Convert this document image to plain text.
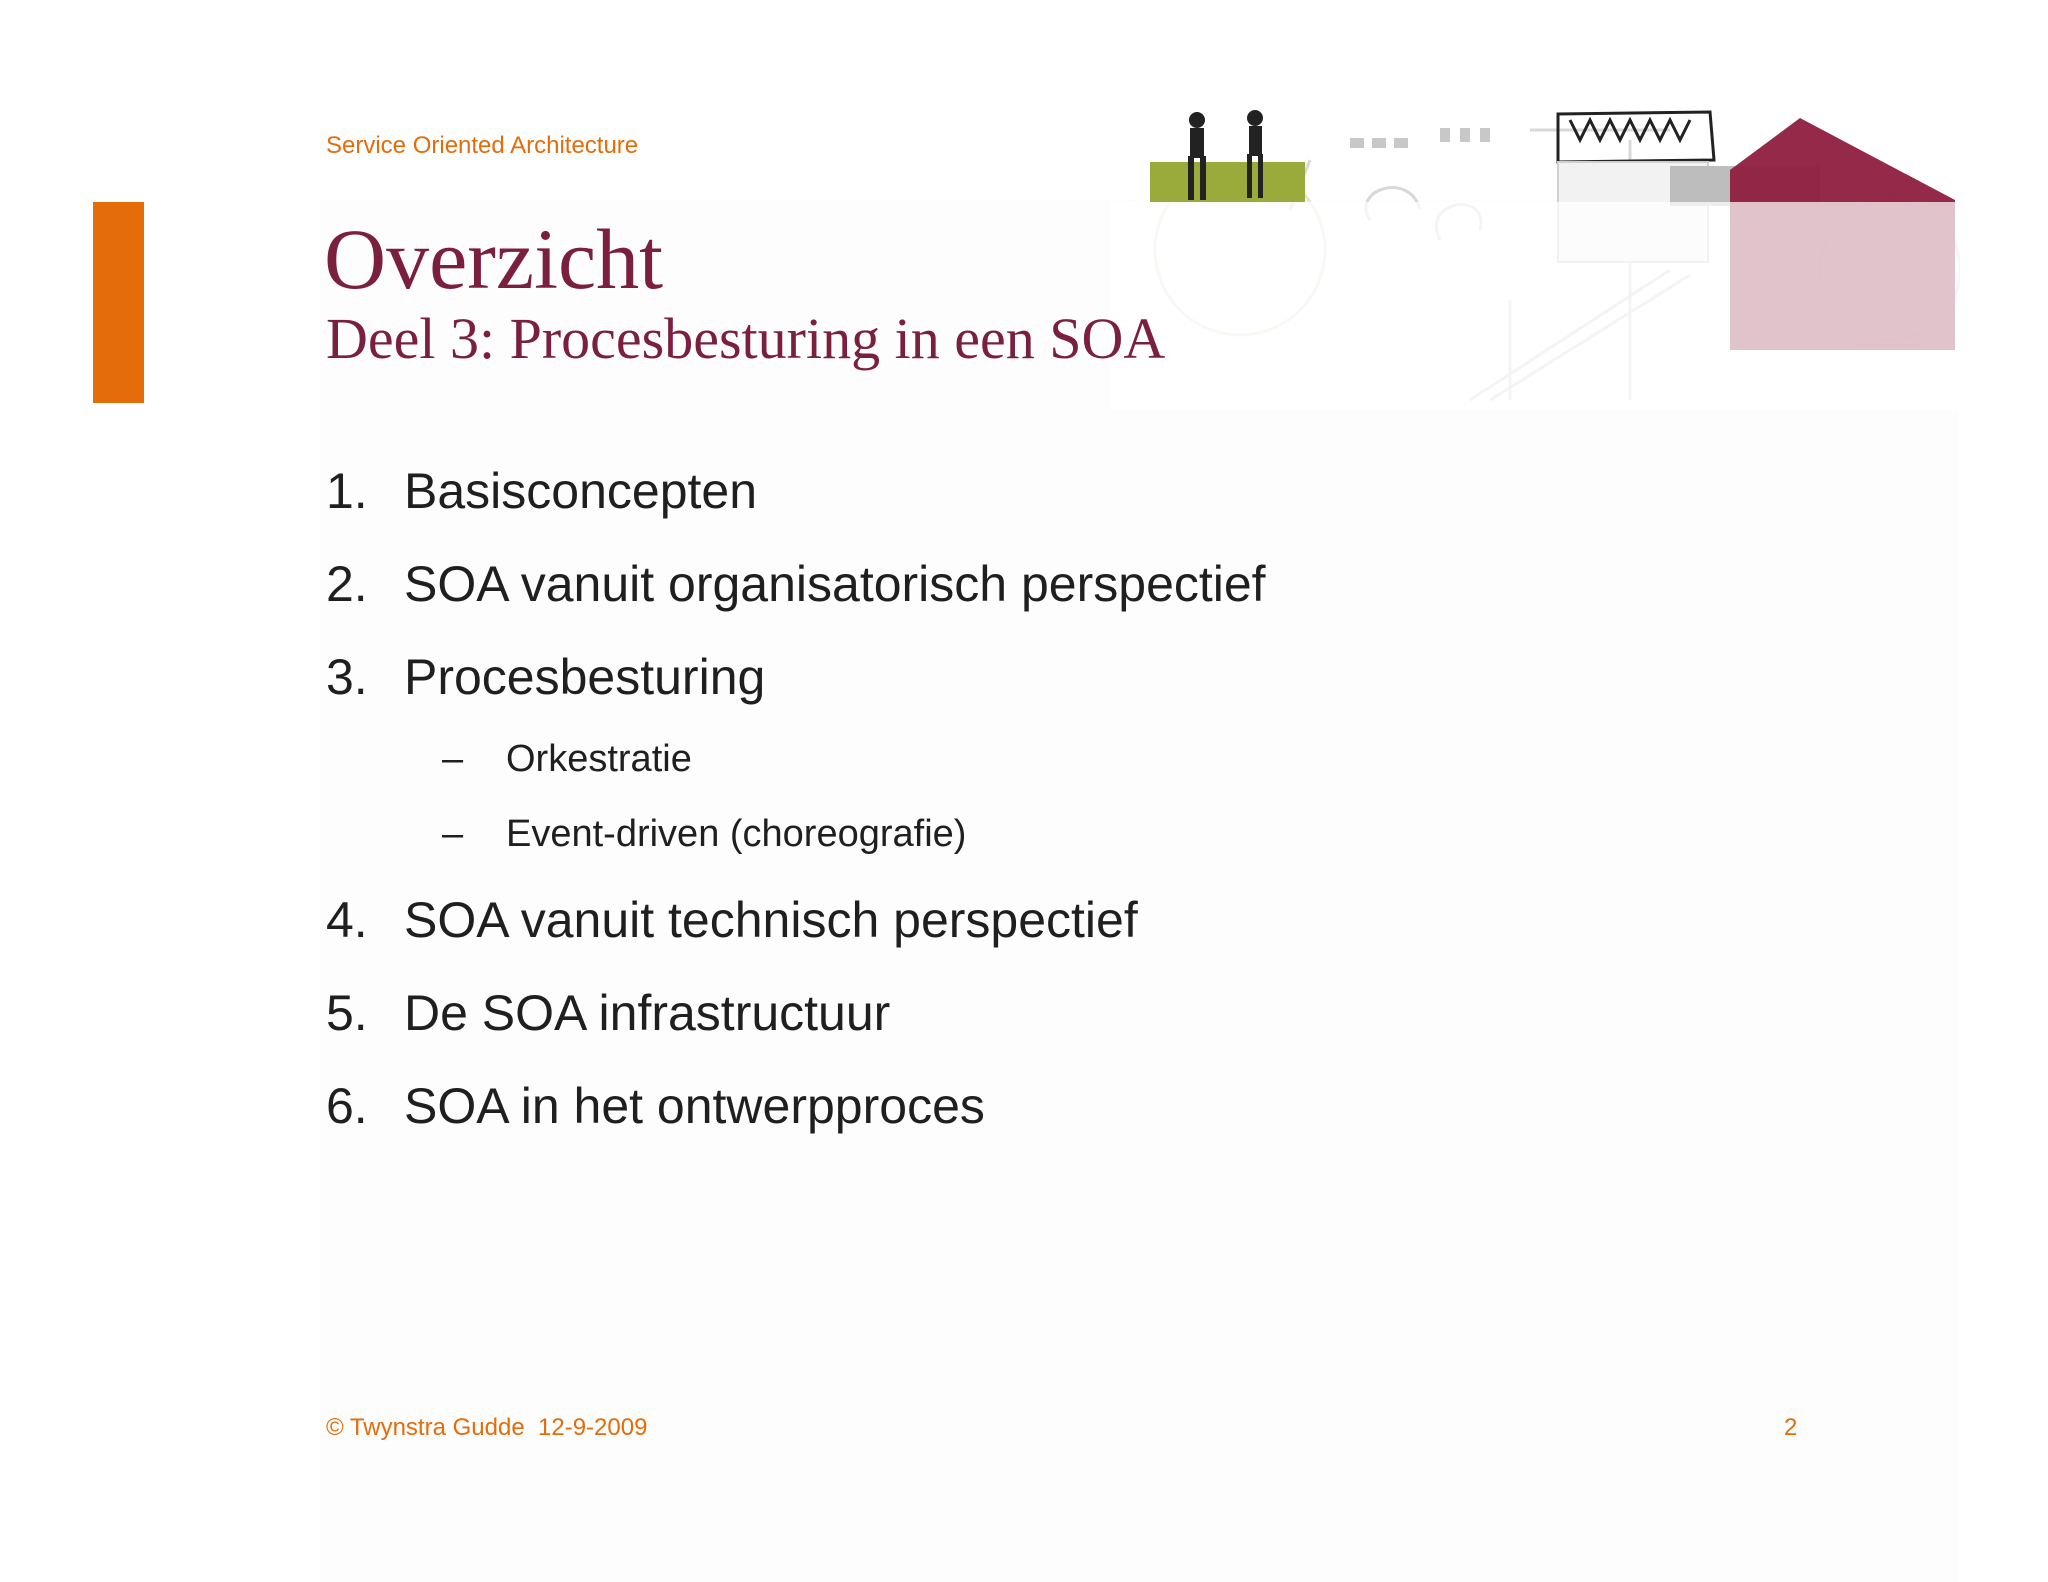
Service Oriented Architecture
Overzicht
Deel 3: Procesbesturing in een SOA
1. Basisconcepten
2. SOA vanuit organisatorisch perspectief
3. Procesbesturing
– Orkestratie
– Event-driven (choreografie)
4. SOA vanuit technisch perspectief
5. De SOA infrastructuur
6. SOA in het ontwerpproces
© Twynstra Gudde  12-9-2009	2
